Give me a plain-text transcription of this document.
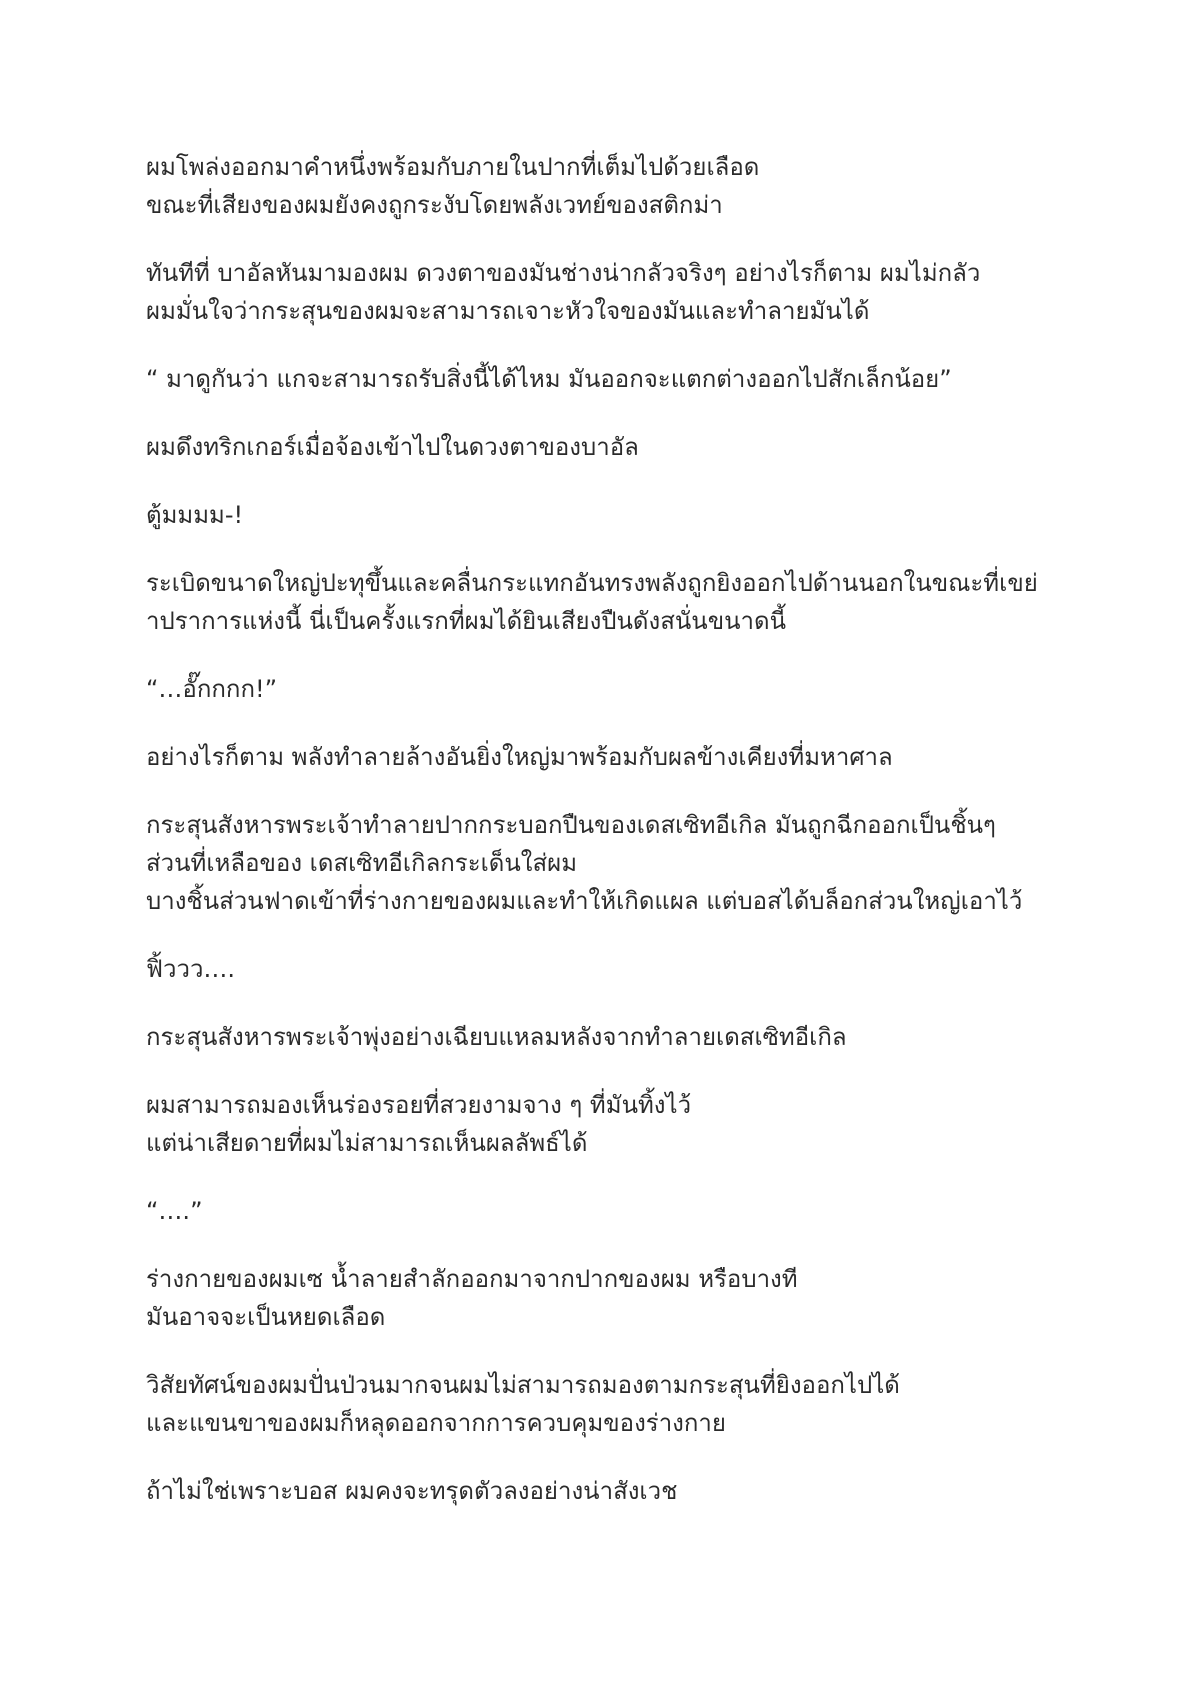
ผมโพล่งออกมาคำหนึ่งพร้อมกับภายในปากที่เต็มไปด้วยเลือด
ขณะที่เสียงของผมยังคงถูกระงับโดยพลังเวทย์ของสติกม่า

ทันทีที่ บาอัลหันมามองผม ดวงตาของมันช่างน่ากลัวจริงๆ อย่างไรก็ตาม ผมไม่กลัว
ผมมั่นใจว่ากระสุนของผมจะสามารถเจาะหัวใจของมันและทำลายมันได้

“ มาดูกันว่า แกจะสามารถรับสิ่งนี้ได้ไหม มันออกจะแตกต่างออกไปสักเล็กน้อย”

ผมดึงทริกเกอร์เมื่อจ้องเข้าไปในดวงตาของบาอัล

ตู้มมมม-!

ระเบิดขนาดใหญ่ปะทุขึ้นและคลื่นกระแทกอันทรงพลังถูกยิงออกไปด้านนอกในขณะที่เขย่
าปราการแห่งนี้ นี่เป็นครั้งแรกที่ผมได้ยินเสียงปืนดังสนั่นขนาดนี้

“…อั๊กกกก!”

อย่างไรก็ตาม พลังทำลายล้างอันยิ่งใหญ่มาพร้อมกับผลข้างเคียงที่มหาศาล

กระสุนสังหารพระเจ้าทำลายปากกระบอกปืนของเดสเซิทอีเกิล มันถูกฉีกออกเป็นชิ้นๆ
ส่วนที่เหลือของ เดสเซิทอีเกิลกระเด็นใส่ผม
บางชิ้นส่วนฟาดเข้าที่ร่างกายของผมและทำให้เกิดแผล แต่บอสได้บล็อกส่วนใหญ่เอาไว้

ฟิ้ววว….

กระสุนสังหารพระเจ้าพุ่งอย่างเฉียบแหลมหลังจากทำลายเดสเซิทอีเกิล

ผมสามารถมองเห็นร่องรอยที่สวยงามจาง ๆ ที่มันทิ้งไว้
แต่น่าเสียดายที่ผมไม่สามารถเห็นผลลัพธ์ได้

“….”

ร่างกายของผมเซ น้ำลายสำลักออกมาจากปากของผม หรือบางที
มันอาจจะเป็นหยดเลือด

วิสัยทัศน์ของผมปั่นป่วนมากจนผมไม่สามารถมองตามกระสุนที่ยิงออกไปได้
และแขนขาของผมก็หลุดออกจากการควบคุมของร่างกาย

ถ้าไม่ใช่เพราะบอส ผมคงจะทรุดตัวลงอย่างน่าสังเวช
